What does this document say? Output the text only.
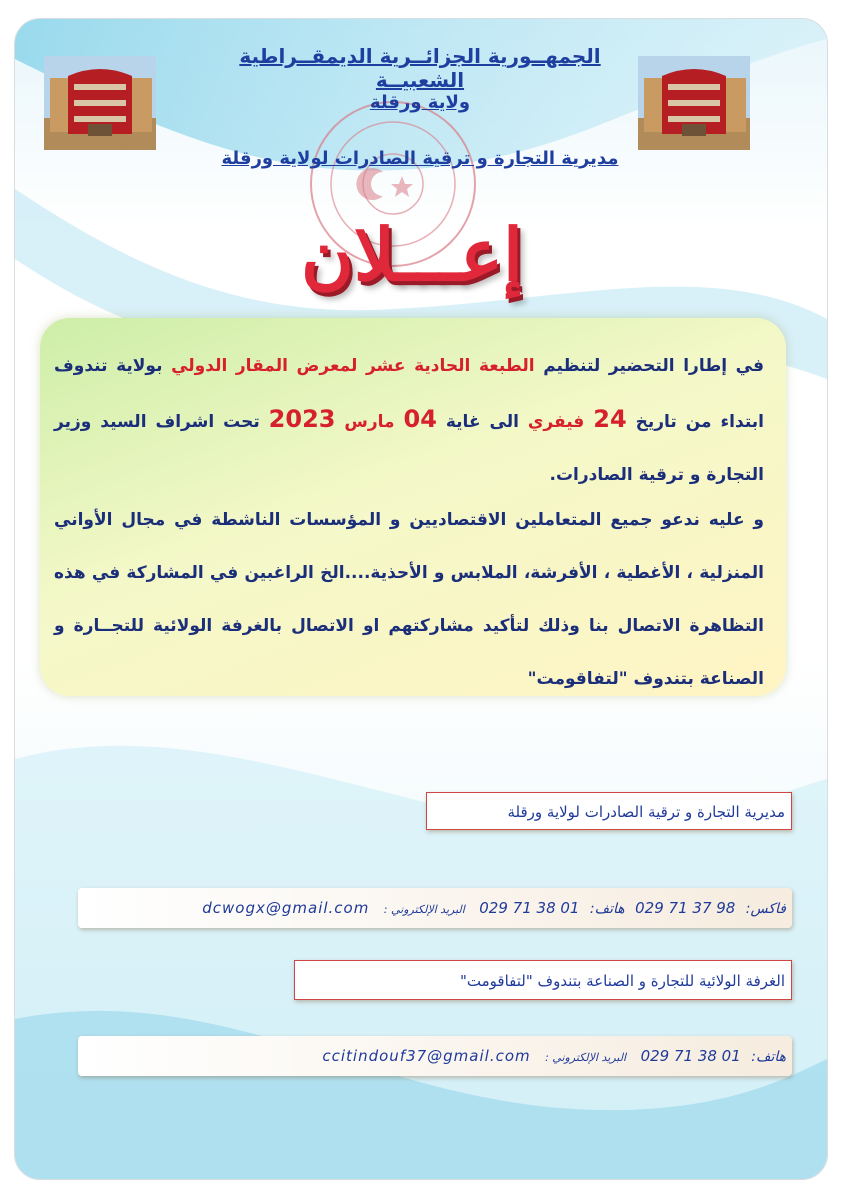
الجمهــورية الجزائــرية الديمقــراطية الشعبيــة
ولاية ورقلة
مديرية التجارة و ترقية الصادرات لولاية ورقلة
إعـــلان
في إطارا التحضير لتنظيم الطبعة الحادية عشر لمعرض المقار الدولي بولاية تندوف ابتداء من تاريخ 24 فيفري الى غاية 04 مارس 2023 تحت اشراف السيد وزير التجارة و ترقية الصادرات.
و عليه ندعو جميع المتعاملين الاقتصاديين و المؤسسات الناشطة في مجال الأواني المنزلية ، الأغطية ، الأفرشة، الملابس و الأحذية....الخ الراغبين في المشاركة في هذه التظاهرة الاتصال بنا وذلك لتأكيد مشاركتهم او الاتصال بالغرفة الولائية للتجــارة و الصناعة بتندوف "لتفاقومت"
مديرية التجارة و ترقية الصادرات لولاية ورقلة
فاكس: 029 71 37 98 هاتف: 029 71 38 01 البريد الإلكتروني : dcwogx@gmail.com
الغرفة الولائية للتجارة و الصناعة بتندوف "لتفاقومت"
هاتف: 029 71 38 01 البريد الإلكتروني : ccitindouf37@gmail.com
